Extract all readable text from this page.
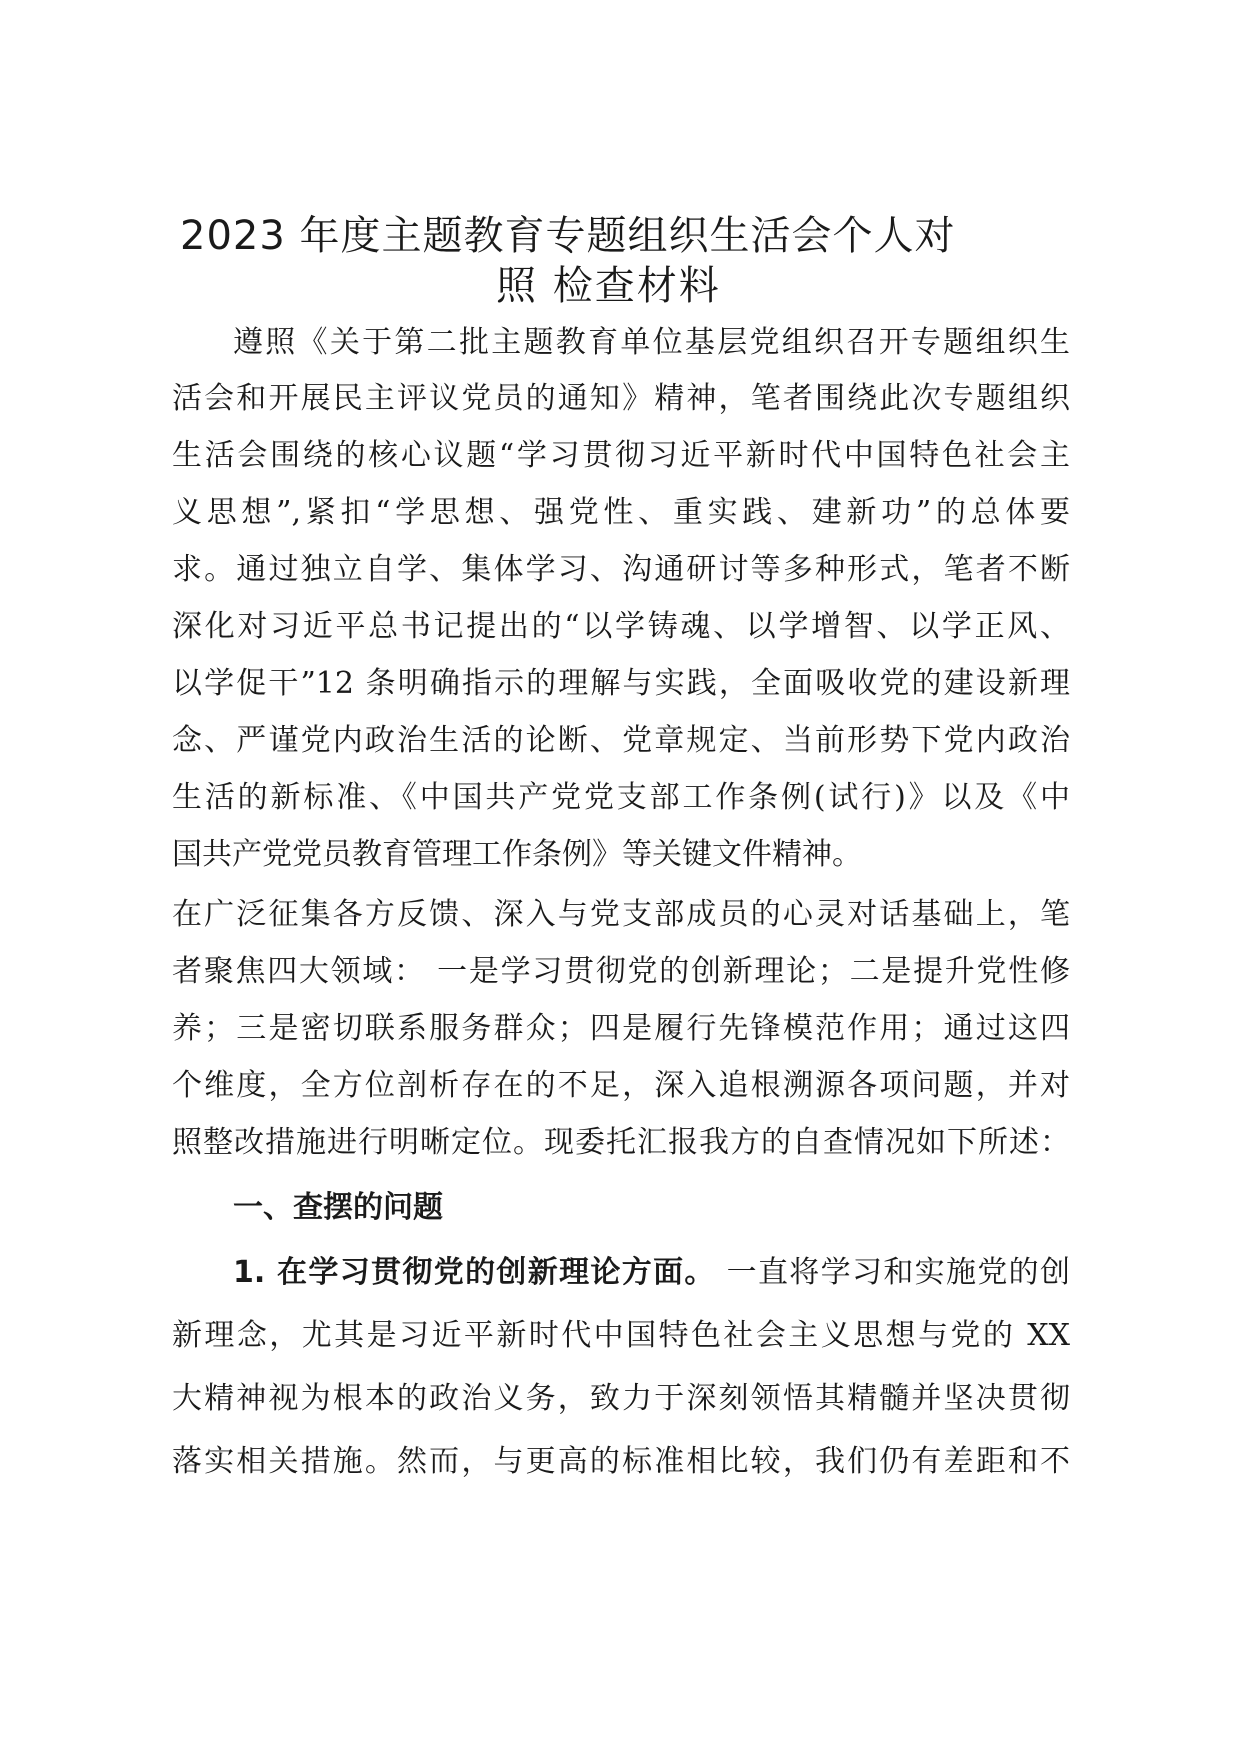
2023 年度主题教育专题组织生活会个人对
照 检查材料
遵照《关于第二批主题教育单位基层党组织召开专题组织生
活会和开展民主评议党员的通知》精神，笔者围绕此次专题组织
生活会围绕的核心议题“学习贯彻习近平新时代中国特色社会主
义思想”,紧扣“学思想、强党性、重实践、建新功”的总体要
求。通过独立自学、集体学习、沟通研讨等多种形式，笔者不断
深化对习近平总书记提出的“以学铸魂、以学增智、以学正风、
以学促干”12 条明确指示的理解与实践，全面吸收党的建设新理
念、严谨党内政治生活的论断、党章规定、当前形势下党内政治
生活的新标准、《中国共产党党支部工作条例(试行)》以及《中
国共产党党员教育管理工作条例》等关键文件精神。
在广泛征集各方反馈、深入与党支部成员的心灵对话基础上，笔
者聚焦四大领域： 一是学习贯彻党的创新理论；二是提升党性修
养；三是密切联系服务群众；四是履行先锋模范作用；通过这四
个维度，全方位剖析存在的不足，深入追根溯源各项问题，并对
照整改措施进行明晰定位。现委托汇报我方的自查情况如下所述：
一、查摆的问题
1. 在学习贯彻党的创新理论方面。 一直将学习和实施党的创
新理念，尤其是习近平新时代中国特色社会主义思想与党的 XX
大精神视为根本的政治义务，致力于深刻领悟其精髓并坚决贯彻
落实相关措施。然而，与更高的标准相比较，我们仍有差距和不
